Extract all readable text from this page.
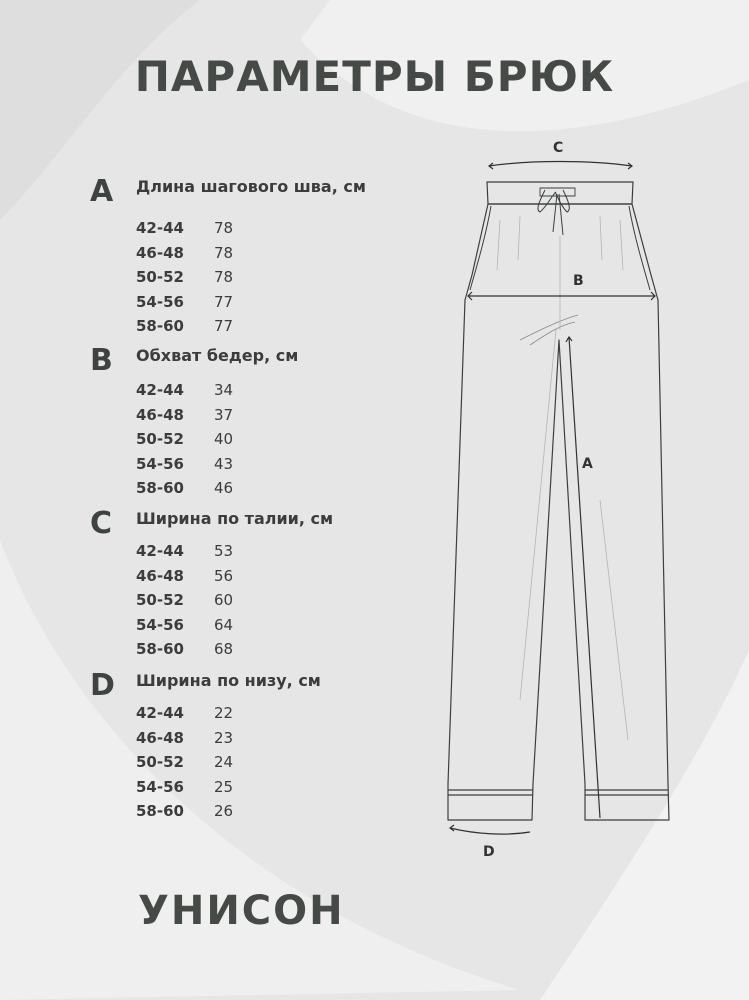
ПАРАМЕТРЫ БРЮК
A Длина шагового шва, см
42-44	78
46-48	78
50-52	78
54-56	77
58-60	77
B Обхват бедер, см
42-44	34
46-48	37
50-52	40
54-56	43
58-60	46
C Ширина по талии, см
42-44	53
46-48	56
50-52	60
54-56	64
58-60	68
D Ширина по низу, см
42-44	22
46-48	23
50-52	24
54-56	25
58-60	26
C
B
A
D
УНИСОН
